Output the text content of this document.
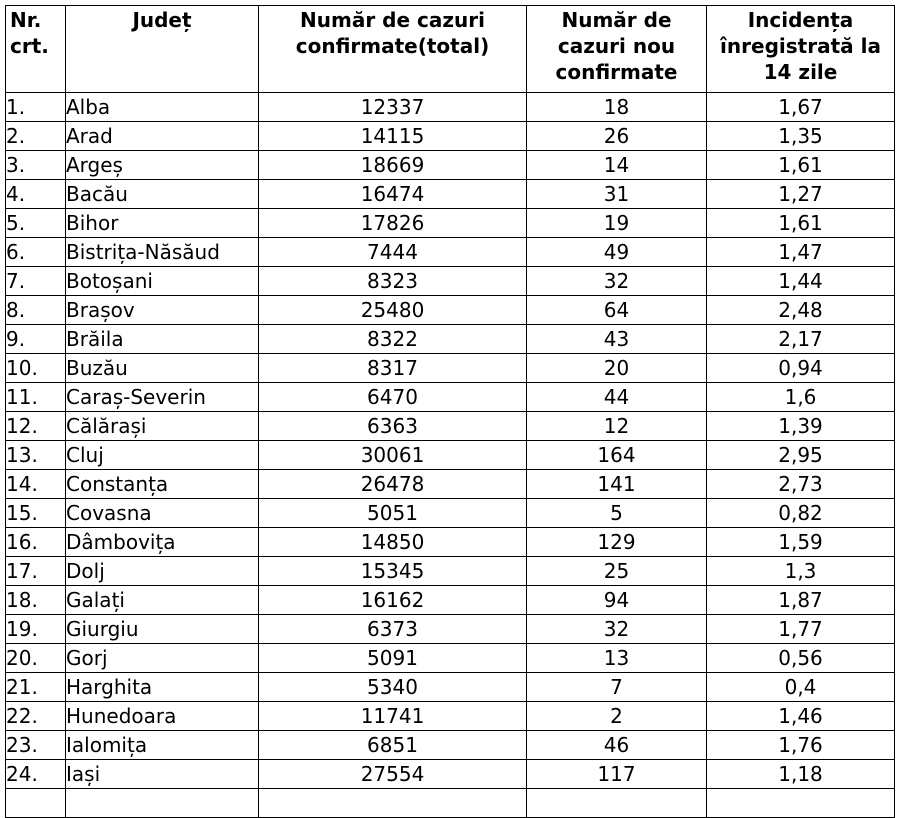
Nr. crt.	Județ	Număr de cazuri confirmate(total)	Număr de cazuri nou confirmate	Incidența înregistrată la 14 zile
1.	Alba	12337	18	1,67
2.	Arad	14115	26	1,35
3.	Argeș	18669	14	1,61
4.	Bacău	16474	31	1,27
5.	Bihor	17826	19	1,61
6.	Bistrița-Năsăud	7444	49	1,47
7.	Botoșani	8323	32	1,44
8.	Brașov	25480	64	2,48
9.	Brăila	8322	43	2,17
10.	Buzău	8317	20	0,94
11.	Caraș-Severin	6470	44	1,6
12.	Călărași	6363	12	1,39
13.	Cluj	30061	164	2,95
14.	Constanța	26478	141	2,73
15.	Covasna	5051	5	0,82
16.	Dâmbovița	14850	129	1,59
17.	Dolj	15345	25	1,3
18.	Galați	16162	94	1,87
19.	Giurgiu	6373	32	1,77
20.	Gorj	5091	13	0,56
21.	Harghita	5340	7	0,4
22.	Hunedoara	11741	2	1,46
23.	Ialomița	6851	46	1,76
24.	Iași	27554	117	1,18
